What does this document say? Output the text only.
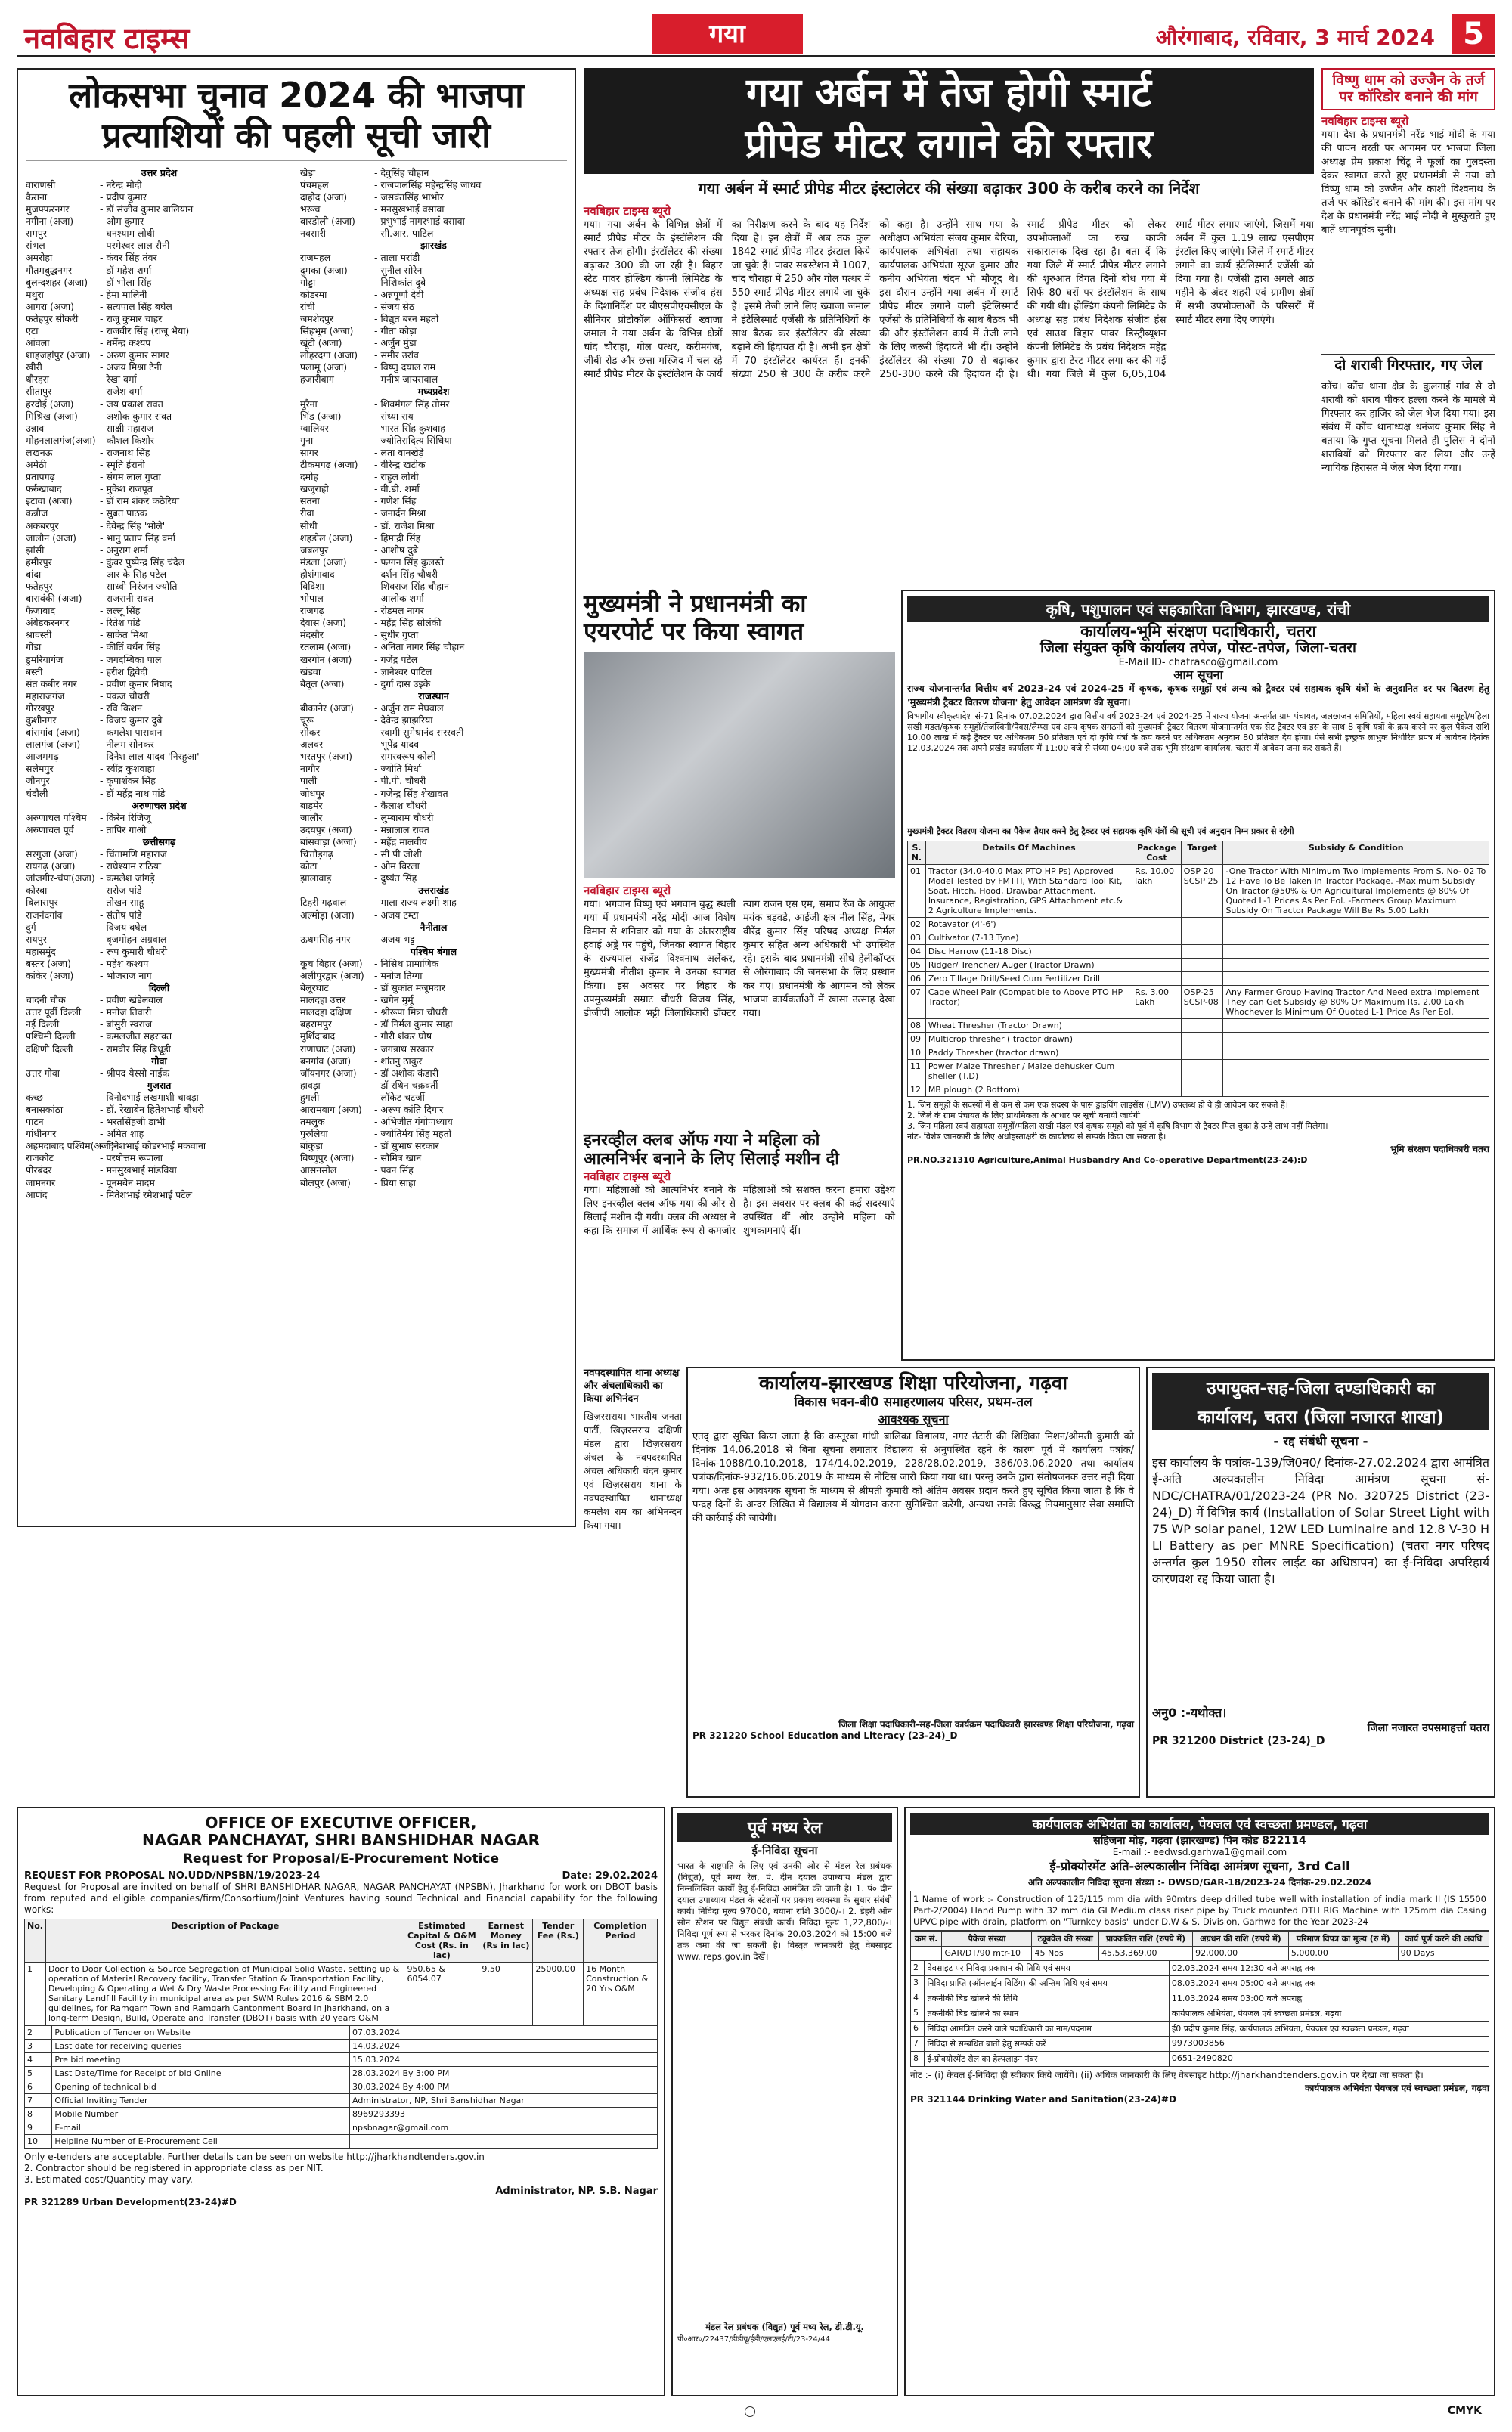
नवबिहार टाइम्स	गया	औरंगाबाद, रविवार, 3 मार्च 2024 5
लोकसभा चुनाव 2024 की भाजपा
प्रत्याशियों की पहली सूची जारी
उत्तर प्रदेश
वाराणसी	- नरेन्द्र मोदी
कैराना	- प्रदीप कुमार
मुजफ्फरनगर	- डॉ संजीव कुमार बालियान
नगीना (अजा)	- ओम कुमार
रामपुर	- घनश्याम लोधी
संभल	- परमेश्वर लाल सैनी
अमरोहा	- कंवर सिंह तंवर
गौतमबुद्धनगर	- डॉ महेश शर्मा
बुलन्दशहर (अजा)	- डॉ भोला सिंह
मथुरा	- हेमा मालिनी
आगरा (अजा)	- सत्यपाल सिंह बघेल
फतेहपुर सीकरी	- राजू कुमार चाहर
एटा	- राजवीर सिंह (राजू भैया)
आंवला	- धर्मेन्द्र कश्यप
शाहजहांपुर (अजा) - अरुण कुमार सागर
खीरी	- अजय मिश्रा टेनी
धौरहरा	- रेखा वर्मा
सीतापुर	- राजेश वर्मा
हरदोई (अजा)	- जय प्रकाश रावत
मिश्रिख (अजा)	- अशोक कुमार रावत
उन्नाव	- साक्षी महाराज
मोहनलालगंज(अजा) - कौशल किशोर
लखनऊ	- राजनाथ सिंह
अमेठी	- स्मृति ईरानी
प्रतापगढ़	- संगम लाल गुप्ता
फर्रुखाबाद	- मुकेश राजपूत
इटावा (अजा)	- डॉ राम शंकर कठेरिया
कन्नौज	- सुब्रत पाठक
अकबरपुर	- देवेन्द्र सिंह 'भोले'
जालौन (अजा)	- भानु प्रताप सिंह वर्मा
झांसी	- अनुराग शर्मा
हमीरपुर	- कुंवर पुष्पेन्द्र सिंह चंदेल
बांदा	- आर के सिंह पटेल
फतेहपुर	- साध्वी निरंजन ज्योति
बाराबंकी (अजा)	- राजरानी रावत
फैजाबाद	- लल्लू सिंह
अंबेडकरनगर	- रितेश पांडे
श्रावस्ती	- साकेत मिश्रा
गोंडा	- कीर्ति वर्धन सिंह
डुमरियागंज	- जगदम्बिका पाल
बस्ती	- हरीश द्विवेदी
संत कबीर नगर	- प्रवीण कुमार निषाद
महाराजगंज	- पंकज चौधरी
गोरखपुर	- रवि किशन
कुशीनगर	- विजय कुमार दुबे
बांसगांव (अजा)	- कमलेश पासवान
लालगंज (अजा)	- नीलम सोनकर
आजमगढ़	- दिनेश लाल यादव 'निरहुआ'
सलेमपुर	- रवींद्र कुशवाहा
जौनपुर	- कृपाशंकर सिंह
चंदौली	- डॉ महेंद्र नाथ पांडे
अरुणाचल प्रदेश
अरुणाचल पश्चिम	- किरेन रिजिजू
अरुणाचल पूर्व	- तापिर गाओ
छत्तीसगढ़
सरगुजा (अजा)	- चिंतामणि महाराज
रायगढ़ (अजा)	- राधेश्याम राठिया
जांजगीर-चंपा(अजा) - कमलेश जांगड़े
कोरबा	- सरोज पांडे
बिलासपुर	- तोखन साहू
राजनंदगांव	- संतोष पांडे
दुर्ग	- विजय बघेल
रायपुर	- बृजमोहन अग्रवाल
महासमुंद	- रूप कुमारी चौधरी
बस्तर (अजा)	- महेश कश्यप
कांकेर (अजा)	- भोजराज नाग
दिल्ली
चांदनी चौक	- प्रवीण खंडेलवाल
उत्तर पूर्वी दिल्ली	- मनोज तिवारी
नई दिल्ली	- बांसुरी स्वराज
पश्चिमी दिल्ली	- कमलजीत सहरावत
दक्षिणी दिल्ली	- रामवीर सिंह बिधूड़ी
गोवा
उत्तर गोवा	- श्रीपद येस्सो नाईक
गुजरात
कच्छ	- विनोदभाई लखमाशी चावड़ा
बनासकांठा	- डॉ. रेखाबेन हितेशभाई चौधरी
पाटन	- भरतसिंहजी डाभी
गांधीनगर	- अमित शाह
अहमदाबाद पश्चिम(अजा)
- दिनेशभाई कोडरभाई मकवाना
राजकोट	- परषोत्तम रूपाला
पोरबंदर	- मनसुखभाई मांडविया
जामनगर	- पूनमबेन मादम
आणंद	- मितेशभाई रमेशभाई पटेल
खेड़ा	- देवुसिंह चौहान
पंचमहल	- राजपालसिंह महेन्द्रसिंह जाधव
दाहोद (अजा)	- जसवंतसिंह भाभोर
भरूच	- मनसुखभाई वसावा
बारडोली (अजा)	- प्रभुभाई नागरभाई वसावा
नवसारी	- सी.आर. पाटिल
झारखंड
राजमहल	- ताला मरांडी
दुमका (अजा)	- सुनील सोरेन
गोड्डा	- निशिकांत दुबे
कोडरमा	- अन्नपूर्णा देवी
रांची	- संजय सेठ
जमशेदपुर	- विद्युत बरन महतो
सिंहभूम (अजा)	- गीता कोड़ा
खूंटी (अजा)	- अर्जुन मुंडा
लोहरदगा (अजा)	- समीर उरांव
पलामू (अजा)	- विष्णु दयाल राम
हजारीबाग	- मनीष जायसवाल
मध्यप्रदेश
मुरैना	- शिवमंगल सिंह तोमर
भिंड (अजा)	- संध्या राय
ग्वालियर	- भारत सिंह कुशवाह
गुना	- ज्योतिरादित्य सिंधिया
सागर	- लता वानखेड़े
टीकमगढ़ (अजा)	- वीरेन्द्र खटीक
दमोह	- राहुल लोधी
खजुराहो	- वी.डी. शर्मा
सतना	- गणेश सिंह
रीवा	- जनार्दन मिश्रा
सीधी	- डॉ. राजेश मिश्रा
शहडोल (अजा)	- हिमाद्री सिंह
जबलपुर	- आशीष दुबे
मंडला (अजा)	- फग्गन सिंह कुलस्ते
होशंगाबाद	- दर्शन सिंह चौधरी
विदिशा	- शिवराज सिंह चौहान
भोपाल	- आलोक शर्मा
राजगढ़	- रोडमल नागर
देवास (अजा)	- महेंद्र सिंह सोलंकी
मंदसौर	- सुधीर गुप्ता
रतलाम (अजा)	- अनिता नागर सिंह चौहान
खरगोन (अजा)	- गजेंद्र पटेल
खंडवा	- ज्ञानेश्वर पाटिल
बैतूल (अजा)	- दुर्गा दास उइके
राजस्थान
बीकानेर (अजा)	- अर्जुन राम मेघवाल
चूरू	- देवेन्द्र झाझरिया
सीकर	- स्वामी सुमेधानंद सरस्वती
अलवर	- भूपेंद्र यादव
भरतपुर (अजा)	- रामस्वरूप कोली
नागौर	- ज्योति मिर्धा
पाली	- पी.पी. चौधरी
जोधपुर	- गजेन्द्र सिंह शेखावत
बाड़मेर	- कैलाश चौधरी
जालौर	- लुम्बाराम चौधरी
उदयपुर (अजा)	- मन्नालाल रावत
बांसवाड़ा (अजा)	- महेंद्र मालवीय
चित्तौड़गढ़	- सी पी जोशी
कोटा	- ओम बिरला
झालावाड़	- दुष्यंत सिंह
उत्तराखंड
टिहरी गढ़वाल	- माला राज्य लक्ष्मी शाह
अल्मोड़ा (अजा)	- अजय टम्टा
नैनीताल
ऊधमसिंह नगर	- अजय भट्ट
पश्चिम बंगाल
कूच बिहार (अजा)	- निसिथ प्रामाणिक
अलीपुरद्वार (अजा)	- मनोज तिग्गा
बेलूरघाट	- डॉ सुकांत मजूमदार
मालदहा उत्तर	- खगेन मुर्मू
मालदहा दक्षिण	- श्रीरूपा मित्रा चौधरी
बहरामपुर	- डॉ निर्मल कुमार साहा
मुर्शिदाबाद	- गौरी शंकर घोष
राणाघाट (अजा)	- जगन्नाथ सरकार
बनगांव (अजा)	- शांतनु ठाकुर
जॉयनगर (अजा)	- डॉ अशोक कंडारी
हावड़ा	- डॉ रथिन चक्रवर्ती
हुगली	- लॉकेट चटर्जी
आरामबाग (अजा)	- अरूप कांति दिगार
तमलुक	- अभिजीत गंगोपाध्याय
पुरुलिया	- ज्योतिर्मय सिंह महतो
बांकुड़ा	- डॉ सुभाष सरकार
बिष्णुपुर (अजा)	- सौमित्र खान
आसनसोल	- पवन सिंह
बोलपुर (अजा)	- प्रिया साहा
गया अर्बन में तेज होगी स्मार्ट
प्रीपेड मीटर लगाने की रफ्तार
गया अर्बन में स्मार्ट प्रीपेड मीटर इंस्टालेटर की संख्या बढ़ाकर 300 के करीब करने का निर्देश
नवबिहार टाइम्स ब्यूरो
गया। गया अर्बन के विभिन्न क्षेत्रों में स्मार्ट प्रीपेड मीटर के इंस्टॉलेशन की रफ्तार तेज होगी। इंस्टॉलेटर की संख्या बढ़ाकर 300 की जा रही है। बिहार स्टेट पावर होल्डिंग कंपनी लिमिटेड के अध्यक्ष सह प्रबंध निदेशक संजीव हंस के दिशानिर्देश पर बीएसपीएचसीएल के सीनियर प्रोटोकॉल ऑफिसरों ख्वाजा जमाल ने गया अर्बन के विभिन्न क्षेत्रों चांद चौराहा, गोल पत्थर, करीमगंज, जीबी रोड और छत्ता मस्जिद में चल रहे स्मार्ट प्रीपेड मीटर के इंस्टॉलेशन के कार्य का निरीक्षण करने के बाद यह निर्देश दिया है। इन क्षेत्रों में अब तक कुल 1842 स्मार्ट प्रीपेड मीटर इंस्टाल किये जा चुके हैं। पावर सबस्टेशन में 1007, चांद चौराहा में 250 और गोल पत्थर में 550 स्मार्ट प्रीपेड मीटर लगाये जा चुके हैं। इसमें तेजी लाने लिए ख्वाजा जमाल ने इंटेलिस्मार्ट एजेंसी के प्रतिनिधियों के साथ बैठक कर इंस्टॉलेटर की संख्या बढ़ाने की हिदायत दी है। अभी इन क्षेत्रों में 70 इंस्टॉलेटर कार्यरत हैं। इनकी संख्या 250 से 300 के करीब करने को कहा है। उन्होंने साथ गया के अधीक्षण अभियंता संजय कुमार बैरिया, कार्यपालक अभियंता तथा सहायक कार्यपालक अभियंता सूरज कुमार और कनीय अभियंता चंदन भी मौजूद थे। इस दौरान उन्होंने गया अर्बन में स्मार्ट प्रीपेड मीटर लगाने वाली इंटेलिस्मार्ट एजेंसी के प्रतिनिधियों के साथ बैठक भी की और इंस्टॉलेशन कार्य में तेजी लाने के लिए जरूरी हिदायतें भी दीं। उन्होंने इंस्टॉलेटर की संख्या 70 से बढ़ाकर 250-300 करने की हिदायत दी है। स्मार्ट प्रीपेड मीटर को लेकर उपभोक्ताओं का रुख काफी सकारात्मक दिख रहा है। बता दें कि गया जिले में स्मार्ट प्रीपेड मीटर लगाने की शुरुआत विगत दिनों बोध गया में सिर्फ 80 घरों पर इंस्टॉलेशन के साथ की गयी थी। होल्डिंग कंपनी लिमिटेड के अध्यक्ष सह प्रबंध निदेशक संजीव हंस एवं साउथ बिहार पावर डिस्ट्रीब्यूशन कंपनी लिमिटेड के प्रबंध निदेशक महेंद्र कुमार द्वारा टेस्ट मीटर लगा कर की गई थी। गया जिले में कुल 6,05,104 स्मार्ट मीटर लगाए जाएंगे, जिसमें गया अर्बन में कुल 1.19 लाख एसपीएम इंस्टॉल किए जाएंगे। जिले में स्मार्ट मीटर लगाने का कार्य इंटेलिस्मार्ट एजेंसी को दिया गया है। एजेंसी द्वारा अगले आठ महीने के अंदर शहरी एवं ग्रामीण क्षेत्रों में सभी उपभोक्ताओं के परिसरों में स्मार्ट मीटर लगा दिए जाएंगे।
विष्णु धाम को उज्जैन के तर्ज पर कॉरिडोर बनाने की मांग
नवबिहार टाइम्स ब्यूरो
गया। देश के प्रधानमंत्री नरेंद्र भाई मोदी के गया की पावन धरती पर आगमन पर भाजपा जिला अध्यक्ष प्रेम प्रकाश चिंटू ने फूलों का गुलदस्ता देकर स्वागत करते हुए प्रधानमंत्री से गया को विष्णु धाम को उज्जैन और काशी विश्वनाथ के तर्ज पर कॉरिडोर बनाने की मांग की। इस मांग पर देश के प्रधानमंत्री नरेंद्र भाई मोदी ने मुस्कुराते हुए बातें ध्यानपूर्वक सुनी।
दो शराबी गिरफ्तार, गए जेल
कोंच। कोंच थाना क्षेत्र के कुलगाई गांव से दो शराबी को शराब पीकर हल्ला करने के मामले में गिरफ्तार कर हाजिर को जेल भेज दिया गया। इस संबंध में कोंच थानाध्यक्ष धनंजय कुमार सिंह ने बताया कि गुप्त सूचना मिलते ही पुलिस ने दोनों शराबियों को गिरफ्तार कर लिया और उन्हें न्यायिक हिरासत में जेल भेज दिया गया।
मुख्यमंत्री ने प्रधानमंत्री का
एयरपोर्ट पर किया स्वागत
नवबिहार टाइम्स ब्यूरो
गया। भगवान विष्णु एवं भगवान बुद्ध स्थली गया में प्रधानमंत्री नरेंद्र मोदी आज विशेष विमान से शनिवार को गया के अंतरराष्ट्रीय हवाई अड्डे पर पहुंचे, जिनका स्वागत बिहार के राज्यपाल राजेंद्र विश्वनाथ अर्लेकर, मुख्यमंत्री नीतीश कुमार ने उनका स्वागत किया। इस अवसर पर बिहार के उपमुख्यमंत्री सम्राट चौधरी विजय सिंह, डीजीपी आलोक भट्टी जिलाधिकारी डॉक्टर त्याग राजन एस एम, समाप रेंज के आयुक्त मयंक बड़वड़े, आईजी क्षत्र नील सिंह, मेयर वीरेंद्र कुमार सिंह परिषद अध्यक्ष निर्मल कुमार सहित अन्य अधिकारी भी उपस्थित रहे। इसके बाद प्रधानमंत्री सीधे हेलीकॉप्टर से औरंगाबाद की जनसभा के लिए प्रस्थान कर गए। प्रधानमंत्री के आगमन को लेकर भाजपा कार्यकर्ताओं में खासा उत्साह देखा गया।
इनरव्हील क्लब ऑफ गया ने महिला को
आत्मनिर्भर बनाने के लिए सिलाई मशीन दी
नवबिहार टाइम्स ब्यूरो
गया। महिलाओं को आत्मनिर्भर बनाने के लिए इनरव्हील क्लब ऑफ गया की ओर से सिलाई मशीन दी गयी। क्लब की अध्यक्ष ने कहा कि समाज में आर्थिक रूप से कमजोर महिलाओं को सशक्त करना हमारा उद्देश्य है। इस अवसर पर क्लब की कई सदस्याएं उपस्थित थीं और उन्होंने महिला को शुभकामनाएं दीं।
कृषि, पशुपालन एवं सहकारिता विभाग, झारखण्ड, रांची
कार्यालय-भूमि संरक्षण पदाधिकारी, चतरा
जिला संयुक्त कृषि कार्यालय तपेज, पोस्ट-तपेज, जिला-चतरा
E-Mail ID- chatrasco@gmail.com
आम सूचना
राज्य योजनान्तर्गत वित्तीय वर्ष 2023-24 एवं 2024-25 में कृषक, कृषक समूहों एवं अन्य को ट्रैक्टर एवं सहायक कृषि यंत्रों के अनुदानित दर पर वितरण हेतु 'मुख्यमंत्री ट्रैक्टर वितरण योजना' हेतु आवेदन आमंत्रण की सूचना।
विभागीय स्वीकृत्यादेश सं-71 दिनांक 07.02.2024 द्वारा वित्तीय वर्ष 2023-24 एवं 2024-25 में राज्य योजना अन्तर्गत ग्राम पंचायत, जलछाजन समितियों, महिला स्वयं सहायता समूहों/महिला सखी मंडल/कृषक समूहों/तेजस्विनी/पैक्स/लैम्प्स एवं अन्य कृषक संगठनों को मुख्यमंत्री ट्रैक्टर वितरण योजनान्तर्गत एक सेट ट्रैक्टर एवं इस के साथ 8 कृषि यंत्रों के क्रय करने पर कुल पैकेज राशि 10.00 लाख में कई ट्रैक्टर पर अधिकतम 50 प्रतिशत एवं दो कृषि यंत्रों के क्रय करने पर अधिकतम अनुदान 80 प्रतिशत देय होगा। ऐसे सभी इच्छुक लाभुक निर्धारित प्रपत्र में आवेदन दिनांक 12.03.2024 तक अपने प्रखंड कार्यालय में 11:00 बजे से संध्या 04:00 बजे तक भूमि संरक्षण कार्यालय, चतरा में आवेदन जमा कर सकते हैं।
मुख्यमंत्री ट्रैक्टर वितरण योजना का पैकेज तैयार करने हेतु ट्रैक्टर एवं सहायक कृषि यंत्रों की सूची एवं अनुदान निम्न प्रकार से रहेगी
S. N.	Details Of Machines	Package Cost	Target	Subsidy & Condition
01	Tractor (34.0-40.0 Max PTO HP Ps) Approved Model Tested by FMTTI, With Standard Tool Kit, Soat, Hitch, Hood, Drawbar Attachment, Insurance, Registration, GPS Attachment etc.& 2 Agriculture Implements.	Rs. 10.00 lakh	OSP 20 SCSP 25	-One Tractor With Minimum Two Implements From S. No- 02 To 12 Have To Be Taken In Tractor Package. -Maximum Subsidy On Tractor @50% & On Agricultural Implements @ 80% Of Quoted L-1 Prices As Per Eol. -Farmers Group Maximum Subsidy On Tractor Package Will Be Rs 5.00 Lakh
02	Rotavator (4'-6')			
03	Cultivator (7-13 Tyne)			
04	Disc Harrow (11-18 Disc)			
05	Ridger/ Trencher/ Auger (Tractor Drawn)			
06	Zero Tillage Drill/Seed Cum Fertilizer Drill			
07	Cage Wheel Pair (Compatible to Above PTO HP Tractor)	Rs. 3.00 Lakh	OSP-25 SCSP-08	Any Farmer Group Having Tractor And Need extra Implement They can Get Subsidy @ 80% Or Maximum Rs. 2.00 Lakh Whochever Is Minimum Of Quoted L-1 Price As Per Eol.
08	Wheat Thresher (Tractor Drawn)			
09	Multicrop thresher ( tractor drawn)			
10	Paddy Thresher (tractor drawn)			
11	Power Maize Thresher / Maize dehusker Cum sheller (T.D)			
12	MB plough (2 Bottom)			
1. जिन समूहों के सदस्यों में से कम से कम एक सदस्य के पास ड्राइविंग लाइसेंस (LMV) उपलब्ध हो वे ही आवेदन कर सकते हैं।
2. जिले के ग्राम पंचायत के लिए प्राथमिकता के आधार पर सूची बनायी जायेगी।
3. जिन महिला स्वयं सहायता समूहों/महिला सखी मंडल एवं कृषक समूहों को पूर्व में कृषि विभाग से ट्रैक्टर मिल चुका है उन्हें लाभ नहीं मिलेगा।
नोट- विशेष जानकारी के लिए अधोहस्ताक्षरी के कार्यालय से सम्पर्क किया जा सकता है।
भूमि संरक्षण पदाधिकारी चतरा
PR.NO.321310 Agriculture,Animal Husbandry And Co-operative Department(23-24):D
नवपदस्थापित थाना अध्यक्ष और अंचलाधिकारी का किया अभिनंदन
खिज़रसराय। भारतीय जनता पार्टी, खिज़रसराय दक्षिणी मंडल द्वारा खिज़रसराय अंचल के नवपदस्थापित अंचल अधिकारी चंदन कुमार एवं खिज़रसराय थाना के नवपदस्थापित थानाध्यक्ष कमलेश राम का अभिनन्दन किया गया।
कार्यालय-झारखण्ड शिक्षा परियोजना, गढ़वा
विकास भवन-बी0 समाहरणालय परिसर, प्रथम-तल
आवश्यक सूचना
एतद् द्वारा सूचित किया जाता है कि कस्तूरबा गांधी बालिका विद्यालय, नगर उंटारी की शिक्षिका मिशन/श्रीमती कुमारी को दिनांक 14.06.2018 से बिना सूचना लगातार विद्यालय से अनुपस्थित रहने के कारण पूर्व में कार्यालय पत्रांक/दिनांक-1088/10.10.2018, 174/14.02.2019, 228/28.02.2019, 386/03.06.2020 तथा कार्यालय पत्रांक/दिनांक-932/16.06.2019 के माध्यम से नोटिस जारी किया गया था। परन्तु उनके द्वारा संतोषजनक उत्तर नहीं दिया गया। अतः इस आवश्यक सूचना के माध्यम से श्रीमती कुमारी को अंतिम अवसर प्रदान करते हुए सूचित किया जाता है कि वे पन्द्रह दिनों के अन्दर लिखित में विद्यालय में योगदान करना सुनिश्चित करेंगी, अन्यथा उनके विरुद्ध नियमानुसार सेवा समाप्ति की कार्रवाई की जायेगी।
जिला शिक्षा पदाधिकारी-सह-जिला कार्यक्रम पदाधिकारी झारखण्ड शिक्षा परियोजना, गढ़वा
PR 321220 School Education and Literacy (23-24)_D
उपायुक्त-सह-जिला दण्डाधिकारी का
कार्यालय, चतरा (जिला नजारत शाखा)
- रद्द संबंधी सूचना -
इस कार्यालय के पत्रांक-139/जि0न0/ दिनांक-27.02.2024 द्वारा आमंत्रित ई-अति अल्पकालीन निविदा आमंत्रण सूचना सं-NDC/CHATRA/01/2023-24 (PR No. 320725 District (23-24)_D) में विभिन्न कार्य (Installation of Solar Street Light with 75 WP solar panel, 12W LED Luminaire and 12.8 V-30 H LI Battery as per MNRE Specification) (चतरा नगर परिषद अन्तर्गत कुल 1950 सोलर लाईट का अधिष्ठापन) का ई-निविदा अपरिहार्य कारणवश रद्द किया जाता है।
अनु0 :-यथोक्त।
जिला नजारत उपसमाहर्त्ता चतरा
PR 321200 District (23-24)_D
OFFICE OF EXECUTIVE OFFICER,
NAGAR PANCHAYAT, SHRI BANSHIDHAR NAGAR
Request for Proposal/E-Procurement Notice
REQUEST FOR PROPOSAL NO.UDD/NPSBN/19/2023-24	Date: 29.02.2024
Request for Proposal are invited on behalf of SHRI BANSHIDHAR NAGAR, NAGAR PANCHAYAT (NPSBN), Jharkhand for work on DBOT basis from reputed and eligible companies/firm/Consortium/Joint Ventures having sound Technical and Financial capability for the following works:
No.	Description of Package	Estimated Capital & O&M Cost (Rs. in lac)	Earnest Money (Rs in lac)	Tender Fee (Rs.)	Completion Period
1	Door to Door Collection & Source Segregation of Municipal Solid Waste, setting up & operation of Material Recovery facility, Transfer Station & Transportation Facility, Developing & Operating a Wet & Dry Waste Processing Facility and Engineered Sanitary Landfill Facility in municipal area as per SWM Rules 2016 & SBM 2.0 guidelines, for Ramgarh Town and Ramgarh Cantonment Board in Jharkhand, on a long-term Design, Build, Operate and Transfer (DBOT) basis with 20 years O&M	950.65 & 6054.07	9.50	25000.00	16 Month Construction & 20 Yrs O&M
2	Publication of Tender on Website	07.03.2024
3	Last date for receiving queries	14.03.2024
4	Pre bid meeting	15.03.2024
5	Last Date/Time for Receipt of bid Online	28.03.2024 By 3:00 PM
6	Opening of technical bid	30.03.2024 By 4:00 PM
7	Official Inviting Tender	Administrator, NP, Shri Banshidhar Nagar
8	Mobile Number	8969293393
9	E-mail	npsbnagar@gmail.com
10	Helpline Number of E-Procurement Cell	
Only e-tenders are acceptable. Further details can be seen on website http://jharkhandtenders.gov.in
2. Contractor should be registered in appropriate class as per NIT.
3. Estimated cost/Quantity may vary.
Administrator, NP. S.B. Nagar
PR 321289 Urban Development(23-24)#D
पूर्व मध्य रेल
ई-निविदा सूचना
भारत के राष्ट्रपति के लिए एवं उनकी ओर से मंडल रेल प्रबंधक (विद्युत), पूर्व मध्य रेल, पं. दीन दयाल उपाध्याय मंडल द्वारा निम्नलिखित कार्यों हेतु ई-निविदा आमंत्रित की जाती है। 1. पं० दीन दयाल उपाध्याय मंडल के स्टेशनों पर प्रकाश व्यवस्था के सुधार संबंधी कार्य। निविदा मूल्य 97000, बयाना राशि 3000/-। 2. डेहरी ऑन सोन स्टेशन पर विद्युत संबंधी कार्य। निविदा मूल्य 1,22,800/-। निविदा पूर्ण रूप से भरकर दिनांक 20.03.2024 को 15:00 बजे तक जमा की जा सकती है। विस्तृत जानकारी हेतु वेबसाइट www.ireps.gov.in देखें।
मंडल रेल प्रबंधक (विद्युत) पूर्व मध्य रेल, डी.डी.यू.
पी०आर०/22437/डीडीयू/ईडी/एलएलई/टी/23-24/44
कार्यपालक अभियंता का कार्यालय, पेयजल एवं स्वच्छता प्रमण्डल, गढ़वा
सहिजना मोड़, गढ़वा (झारखण्ड) पिन कोड 822114
E-mail :- eedwsd.garhwa1@gmail.com
ई-प्रोक्योरमेंट अति-अल्पकालीन निविदा आमंत्रण सूचना, 3rd Call
अति अल्पकालीन निविदा सूचना संख्या :- DWSD/GAR-18/2023-24 दिनांक-29.02.2024
1 Name of work :- Construction of 125/115 mm dia with 90mtrs deep drilled tube well with installation of india mark II (IS 15500 Part-2/2004) Hand Pump with 32 mm dia GI Medium class riser pipe by Truck mounted DTH RIG Machine with 125mm dia Casing UPVC pipe with drain, platform on "Turnkey basis" under D.W & S. Division, Garhwa for the Year 2023-24
क्रम सं.	पैकेज संख्या	ट्यूबवेल की संख्या	प्राक्कलित राशि (रुपये में)	अग्रधन की राशि (रुपये में)	परिमाण विपत्र का मूल्य (रु में)	कार्य पूर्ण करने की अवधि
	GAR/DT/90 mtr-10	45 Nos	45,53,369.00	92,000.00	5,000.00	90 Days
2	वेबसाइट पर निविदा प्रकाशन की तिथि एवं समय	02.03.2024 समय 12:30 बजे अपराह्न तक
3	निविदा प्राप्ति (ऑनलाईन बिडिंग) की अन्तिम तिथि एवं समय	08.03.2024 समय 05:00 बजे अपराह्न तक
4	तकनीकी बिड खोलने की तिथि	11.03.2024 समय 03:00 बजे अपराह्न
5	तकनीकी बिड खोलने का स्थान	कार्यपालक अभियंता, पेयजल एवं स्वच्छता प्रमंडल, गढ़वा
6	निविदा आमंत्रित करने वाले पदाधिकारी का नाम/पदनाम	ई0 प्रदीप कुमार सिंह, कार्यपालक अभियंता, पेयजल एवं स्वच्छता प्रमंडल, गढ़वा
7	निविदा से सम्बंधित बातों हेतु सम्पर्क करें	9973003856
8	ई-प्रोक्योरमेंट सेल का हेल्पलाइन नंबर	0651-2490820
नोट :- (i) केवल ई-निविदा ही स्वीकार किये जायेंगे। (ii) अधिक जानकारी के लिए वेबसाइट http://jharkhandtenders.gov.in पर देखा जा सकता है।
कार्यपालक अभियंता पेयजल एवं स्वच्छता प्रमंडल, गढ़वा
PR 321144 Drinking Water and Sanitation(23-24)#D
CMYK
